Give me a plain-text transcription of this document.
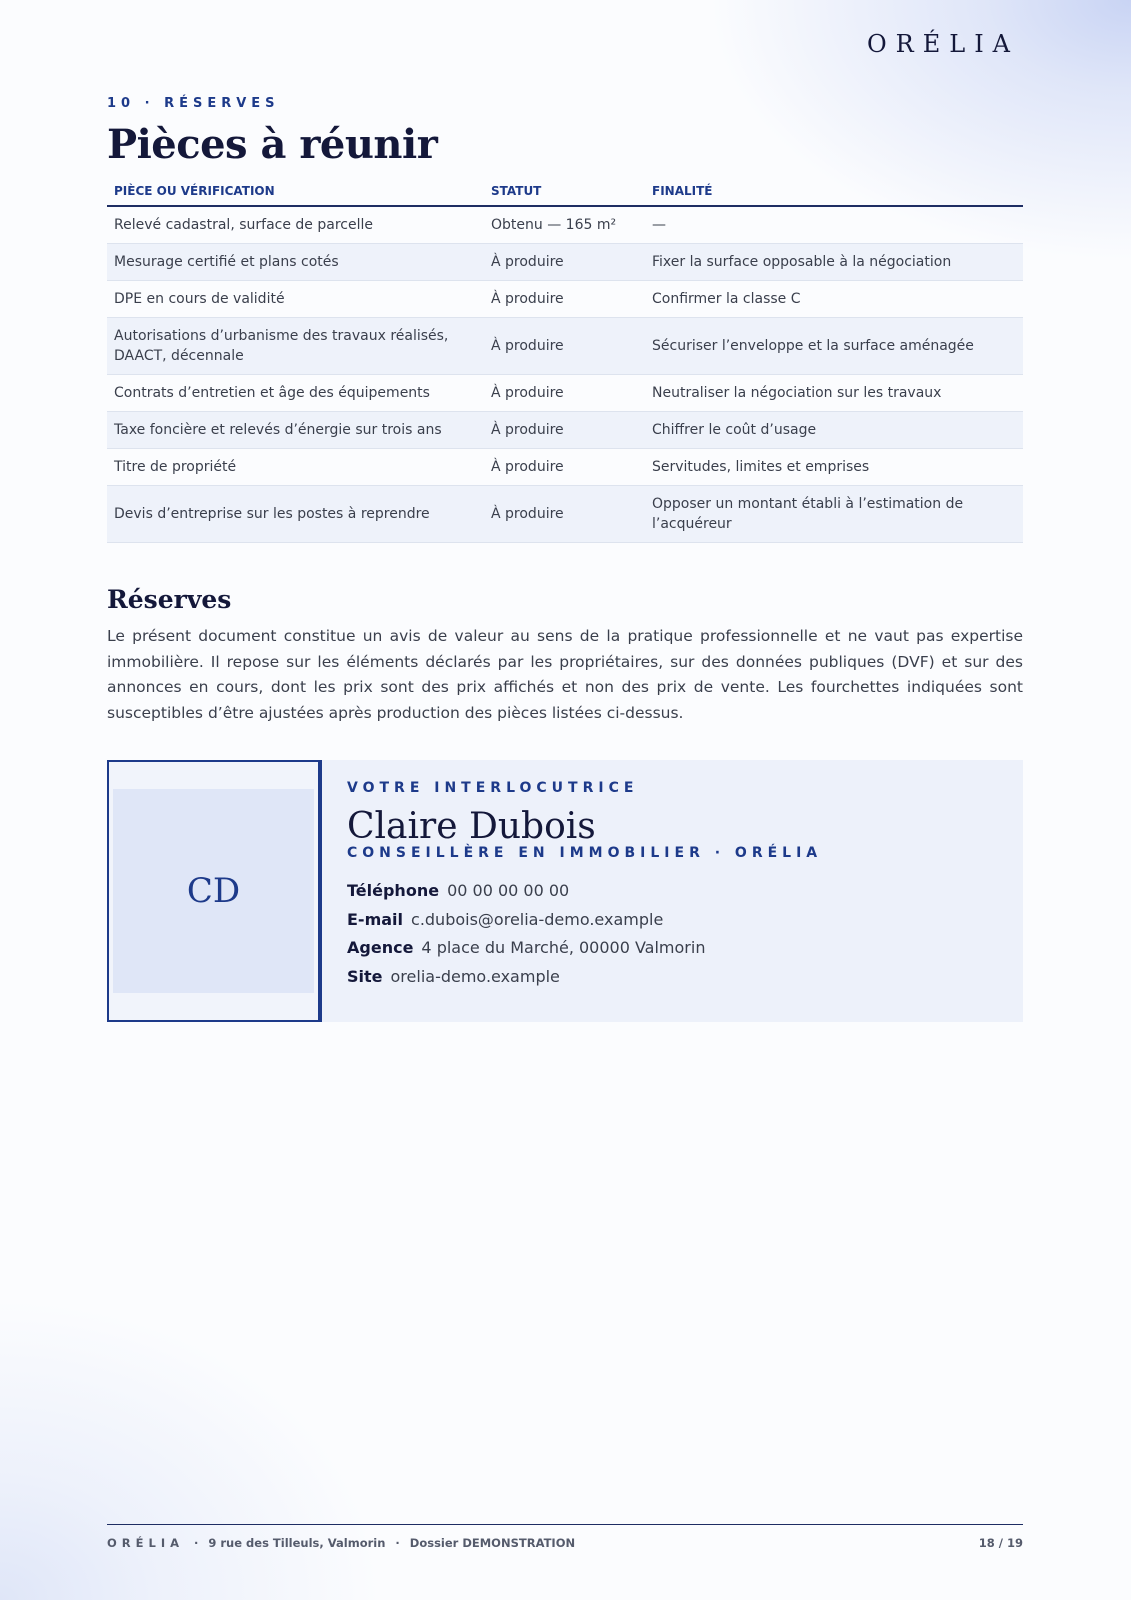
ORÉLIA
10 · RÉSERVES
Pièces à réunir
PIÈCE OU VÉRIFICATION	STATUT	FINALITÉ
Relevé cadastral, surface de parcelle	Obtenu — 165 m²	—
Mesurage certifié et plans cotés	À produire	Fixer la surface opposable à la négociation
DPE en cours de validité	À produire	Confirmer la classe C
Autorisations d’urbanisme des travaux réalisés, DAACT, décennale	À produire	Sécuriser l’enveloppe et la surface aménagée
Contrats d’entretien et âge des équipements	À produire	Neutraliser la négociation sur les travaux
Taxe foncière et relevés d’énergie sur trois ans	À produire	Chiffrer le coût d’usage
Titre de propriété	À produire	Servitudes, limites et emprises
Devis d’entreprise sur les postes à reprendre	À produire	Opposer un montant établi à l’estimation de l’acquéreur
Réserves

Le présent document constitue un avis de valeur au sens de la pratique professionnelle et ne vaut pas expertise immobilière. Il repose sur les éléments déclarés par les propriétaires, sur des données publiques (DVF) et sur des annonces en cours, dont les prix sont des prix affichés et non des prix de vente. Les fourchettes indiquées sont susceptibles d’être ajustées après production des pièces listées ci-dessus.

CD
VOTRE INTERLOCUTRICE
Claire Dubois
CONSEILLÈRE EN IMMOBILIER · ORÉLIA
Téléphone 00 00 00 00 00
E-mail c.dubois@orelia-demo.example
Agence 4 place du Marché, 00000 Valmorin
Site orelia-demo.example
ORÉLIA · 9 rue des Tilleuls, Valmorin · Dossier DEMONSTRATION	18 / 19
